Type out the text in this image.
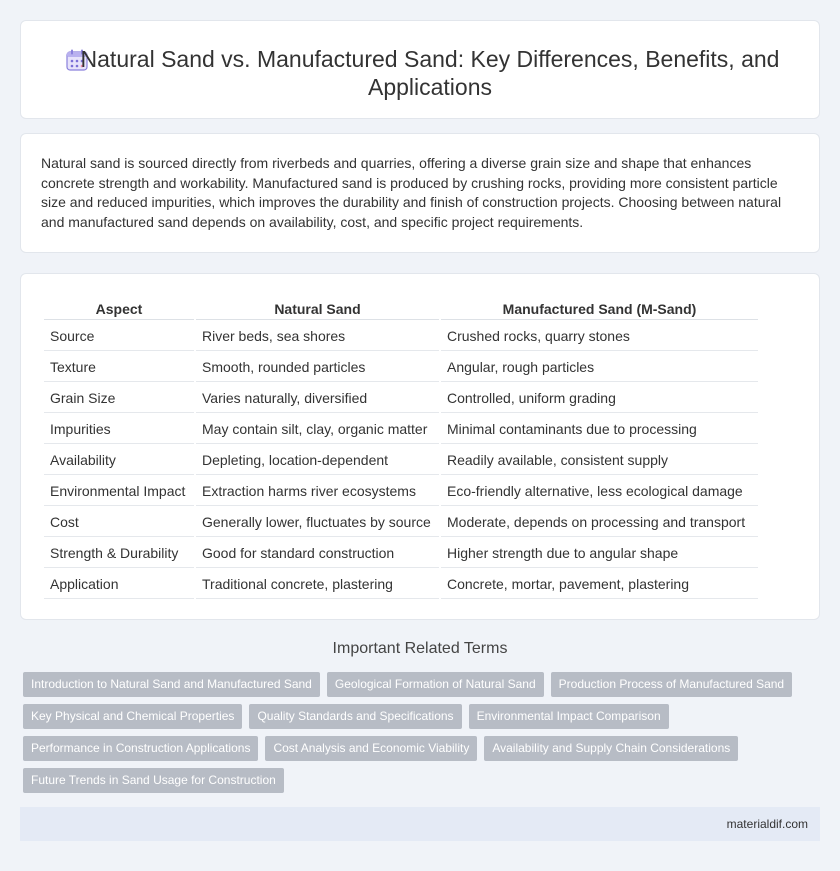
Natural Sand vs. Manufactured Sand: Key Differences, Benefits, and Applications

Natural sand is sourced directly from riverbeds and quarries, offering a diverse grain size and shape that enhances concrete strength and workability. Manufactured sand is produced by crushing rocks, providing more consistent particle size and reduced impurities, which improves the durability and finish of construction projects. Choosing between natural and manufactured sand depends on availability, cost, and specific project requirements.

Aspect	Natural Sand	Manufactured Sand (M-Sand)
Source	River beds, sea shores	Crushed rocks, quarry stones
Texture	Smooth, rounded particles	Angular, rough particles
Grain Size	Varies naturally, diversified	Controlled, uniform grading
Impurities	May contain silt, clay, organic matter	Minimal contaminants due to processing
Availability	Depleting, location-dependent	Readily available, consistent supply
Environmental Impact	Extraction harms river ecosystems	Eco-friendly alternative, less ecological damage
Cost	Generally lower, fluctuates by source	Moderate, depends on processing and transport
Strength & Durability	Good for standard construction	Higher strength due to angular shape
Application	Traditional concrete, plastering	Concrete, mortar, pavement, plastering
Important Related Terms
Introduction to Natural Sand and Manufactured Sand	Geological Formation of Natural Sand	Production Process of Manufactured Sand
Key Physical and Chemical Properties	Quality Standards and Specifications	Environmental Impact Comparison
Performance in Construction Applications	Cost Analysis and Economic Viability	Availability and Supply Chain Considerations
Future Trends in Sand Usage for Construction
materialdif.com
